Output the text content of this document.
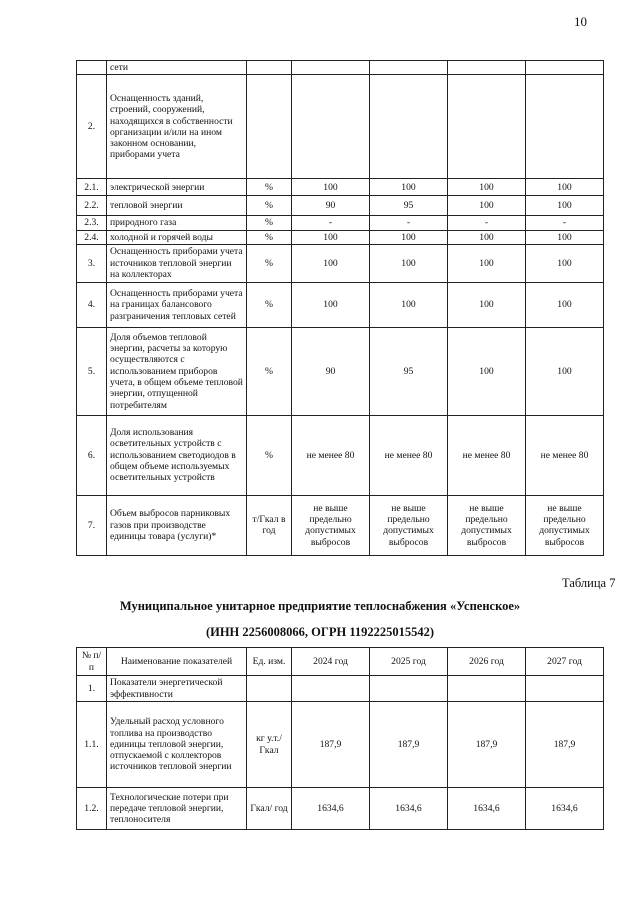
10
	сети					
2.	Оснащенность зданий, строений, сооружений, находящихся в собственности организации и/или на ином законном основании, приборами учета					
2.1.	электрической энергии	%	100	100	100	100
2.2.	тепловой энергии	%	90	95	100	100
2.3.	природного газа	%	-	-	-	-
2.4.	холодной и горячей воды	%	100	100	100	100
3.	Оснащенность приборами учета источников тепловой энергии на коллекторах	%	100	100	100	100
4.	Оснащенность приборами учета на границах балансового разграничения тепловых сетей	%	100	100	100	100
5.	Доля объемов тепловой энергии, расчеты за которую осуществляются с использованием приборов учета, в общем объеме тепловой энергии, отпущенной потребителям	%	90	95	100	100
6.	Доля использования осветительных устройств с использованием светодиодов в общем объеме используемых осветительных устройств	%	не менее 80	не менее 80	не менее 80	не менее 80
7.	Объем выбросов парниковых газов при производстве единицы товара (услуги)*	т/Гкал в год	не выше предельно допустимых выбросов	не выше предельно допустимых выбросов	не выше предельно допустимых выбросов	не выше предельно допустимых выбросов
Таблица 7
Муниципальное унитарное предприятие теплоснабжения «Успенское»
(ИНН 2256008066, ОГРН 1192225015542)
№ п/п	Наименование показателей	Ед. изм.	2024 год	2025 год	2026 год	2027 год
1.	Показатели энергетической эффективности					
1.1.	Удельный расход условного топлива на производство единицы тепловой энергии, отпускаемой с коллекторов источников тепловой энергии	кг у.т./ Гкал	187,9	187,9	187,9	187,9
1.2.	Технологические потери при передаче тепловой энергии, теплоносителя	Гкал/ год	1634,6	1634,6	1634,6	1634,6
